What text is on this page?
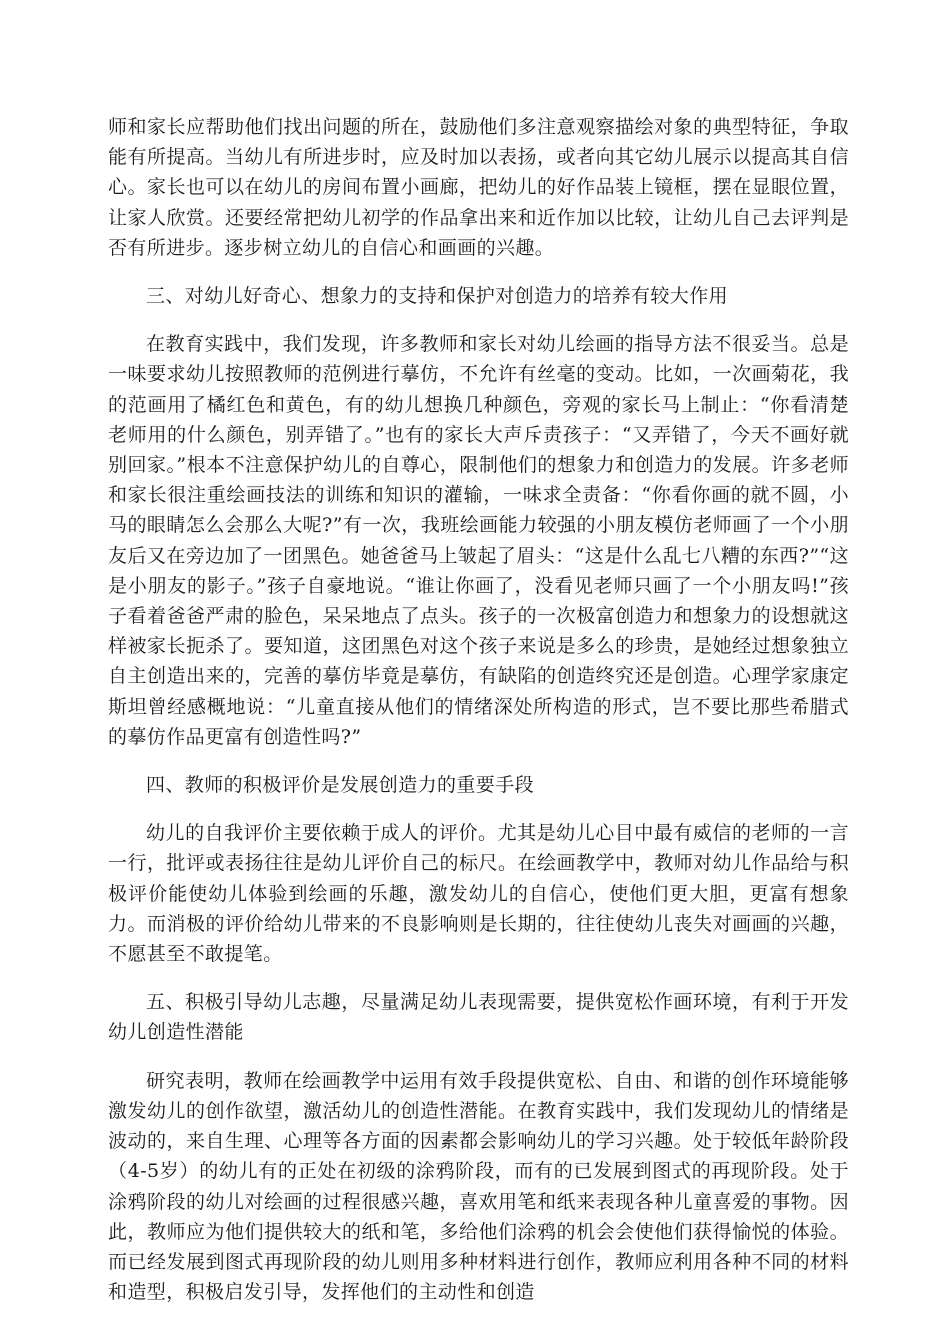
师和家长应帮助他们找出问题的所在，鼓励他们多注意观察描绘对象的典型特征，争取能有所提高。当幼儿有所进步时，应及时加以表扬，或者向其它幼儿展示以提高其自信心。家长也可以在幼儿的房间布置小画廊，把幼儿的好作品装上镜框，摆在显眼位置，让家人欣赏。还要经常把幼儿初学的作品拿出来和近作加以比较，让幼儿自己去评判是否有所进步。逐步树立幼儿的自信心和画画的兴趣。

三、对幼儿好奇心、想象力的支持和保护对创造力的培养有较大作用

在教育实践中，我们发现，许多教师和家长对幼儿绘画的指导方法不很妥当。总是一味要求幼儿按照教师的范例进行摹仿，不允许有丝毫的变动。比如，一次画菊花，我的范画用了橘红色和黄色，有的幼儿想换几种颜色，旁观的家长马上制止：“你看清楚老师用的什么颜色，别弄错了。”也有的家长大声斥责孩子：“又弄错了，今天不画好就别回家。”根本不注意保护幼儿的自尊心，限制他们的想象力和创造力的发展。许多老师和家长很注重绘画技法的训练和知识的灌输，一味求全责备：“你看你画的就不圆，小马的眼睛怎么会那么大呢?”有一次，我班绘画能力较强的小朋友模仿老师画了一个小朋友后又在旁边加了一团黑色。她爸爸马上皱起了眉头：“这是什么乱七八糟的东西?”“这是小朋友的影子。”孩子自豪地说。“谁让你画了，没看见老师只画了一个小朋友吗!”孩子看着爸爸严肃的脸色，呆呆地点了点头。孩子的一次极富创造力和想象力的设想就这样被家长扼杀了。要知道，这团黑色对这个孩子来说是多么的珍贵，是她经过想象独立自主创造出来的，完善的摹仿毕竟是摹仿，有缺陷的创造终究还是创造。心理学家康定斯坦曾经感概地说：“儿童直接从他们的情绪深处所构造的形式，岂不要比那些希腊式的摹仿作品更富有创造性吗?”

四、教师的积极评价是发展创造力的重要手段

幼儿的自我评价主要依赖于成人的评价。尤其是幼儿心目中最有威信的老师的一言一行，批评或表扬往往是幼儿评价自己的标尺。在绘画教学中，教师对幼儿作品给与积极评价能使幼儿体验到绘画的乐趣，激发幼儿的自信心，使他们更大胆，更富有想象力。而消极的评价给幼儿带来的不良影响则是长期的，往往使幼儿丧失对画画的兴趣，不愿甚至不敢提笔。

五、积极引导幼儿志趣，尽量满足幼儿表现需要，提供宽松作画环境，有利于开发幼儿创造性潜能

研究表明，教师在绘画教学中运用有效手段提供宽松、自由、和谐的创作环境能够激发幼儿的创作欲望，激活幼儿的创造性潜能。在教育实践中，我们发现幼儿的情绪是波动的，来自生理、心理等各方面的因素都会影响幼儿的学习兴趣。处于较低年龄阶段（4-5岁）的幼儿有的正处在初级的涂鸦阶段，而有的已发展到图式的再现阶段。处于涂鸦阶段的幼儿对绘画的过程很感兴趣，喜欢用笔和纸来表现各种儿童喜爱的事物。因此，教师应为他们提供较大的纸和笔，多给他们涂鸦的机会会使他们获得愉悦的体验。而已经发展到图式再现阶段的幼儿则用多种材料进行创作，教师应利用各种不同的材料和造型，积极启发引导，发挥他们的主动性和创造
